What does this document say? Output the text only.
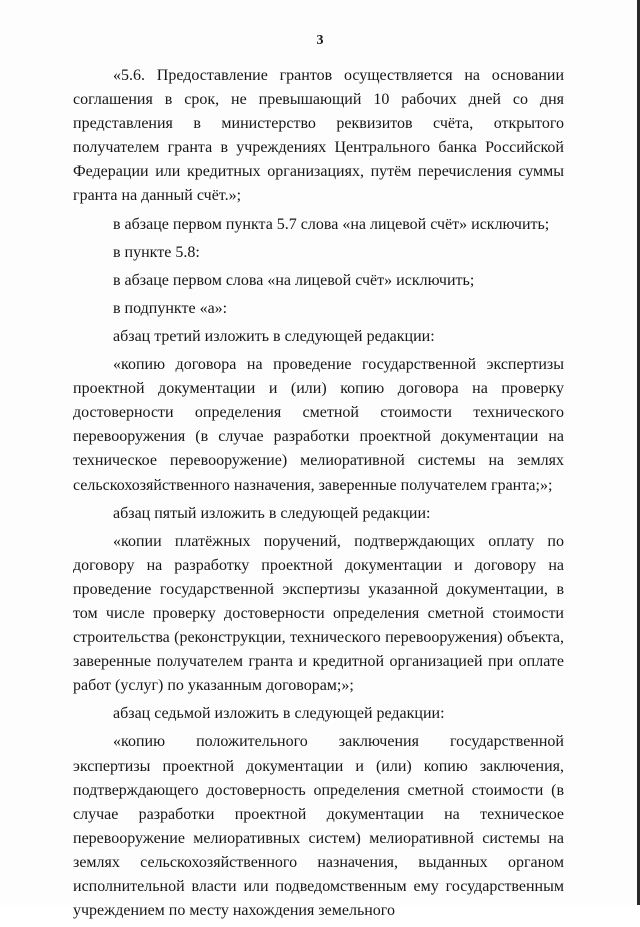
3

«5.6. Предоставление грантов осуществляется на основании соглашения в срок, не превышающий 10 рабочих дней со дня представления в министерство реквизитов счёта, открытого получателем гранта в учреждениях Центрального банка Российской Федерации или кредитных организациях, путём перечисления суммы гранта на данный счёт.»;

в абзаце первом пункта 5.7 слова «на лицевой счёт» исключить;

в пункте 5.8:

в абзаце первом слова «на лицевой счёт» исключить;

в подпункте «а»:

абзац третий изложить в следующей редакции:

«копию договора на проведение государственной экспертизы проектной документации и (или) копию договора на проверку достоверности определения сметной стоимости технического перевооружения (в случае разработки проектной документации на техническое перевооружение) мелиоративной системы на землях сельскохозяйственного назначения, заверенные получателем гранта;»;

абзац пятый изложить в следующей редакции:

«копии платёжных поручений, подтверждающих оплату по договору на разработку проектной документации и договору на проведение государственной экспертизы указанной документации, в том числе проверку достоверности определения сметной стоимости строительства (реконструкции, технического перевооружения) объекта, заверенные получателем гранта и кредитной организацией при оплате работ (услуг) по указанным договорам;»;

абзац седьмой изложить в следующей редакции:

«копию положительного заключения государственной экспертизы проектной документации и (или) копию заключения, подтверждающего достоверность определения сметной стоимости (в случае разработки проектной документации на техническое перевооружение мелиоративных систем) мелиоративной системы на землях сельскохозяйственного назначения, выданных органом исполнительной власти или подведомственным ему государственным учреждением по месту нахождения земельного
